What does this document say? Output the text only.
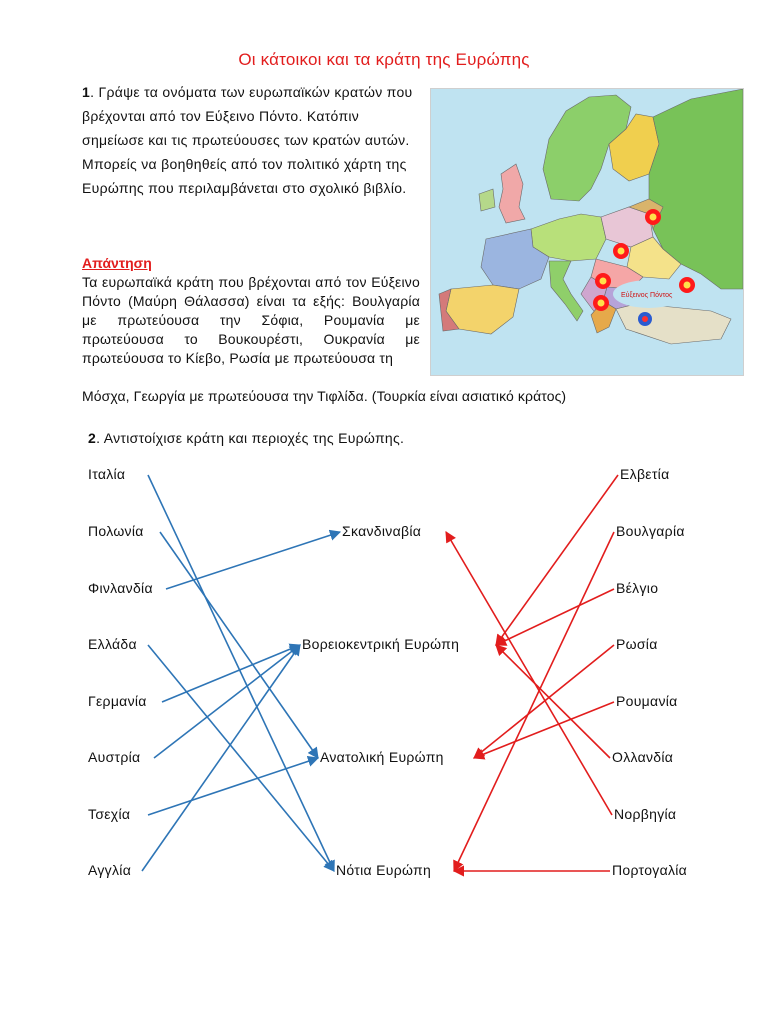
Οι κάτοικοι και τα κράτη της Ευρώπης
1. Γράψε τα ονόματα των ευρωπαϊκών κρατών που βρέχονται από τον Εύξεινο Πόντο. Κατόπιν σημείωσε και τις πρωτεύουσες των κρατών αυτών. Μπορείς να βοηθηθείς από τον πολιτικό χάρτη της Ευρώπης που περιλαμβάνεται στο σχολικό βιβλίο.
Εύξεινος Πόντος
Απάντηση
Τα ευρωπαϊκά κράτη που βρέχονται από τον Εύξεινο Πόντο (Μαύρη Θάλασσα) είναι τα εξής: Βουλγαρία με πρωτεύουσα την Σόφια, Ρουμανία με πρωτεύουσα το Βουκουρέστι, Ουκρανία με πρωτεύουσα το Κίεβο, Ρωσία με πρωτεύουσα τη
Μόσχα, Γεωργία με πρωτεύουσα την Τιφλίδα. (Τουρκία είναι ασιατικό κράτος)
2. Αντιστοίχισε κράτη και περιοχές της Ευρώπης.
Ιταλία
Πολωνία
Φινλανδία
Ελλάδα
Γερμανία
Αυστρία
Τσεχία
Αγγλία
Σκανδιναβία
Βορειοκεντρική Ευρώπη
Ανατολική Ευρώπη
Νότια Ευρώπη
Ελβετία
Βουλγαρία
Βέλγιο
Ρωσία
Ρουμανία
Ολλανδία
Νορβηγία
Πορτογαλία
